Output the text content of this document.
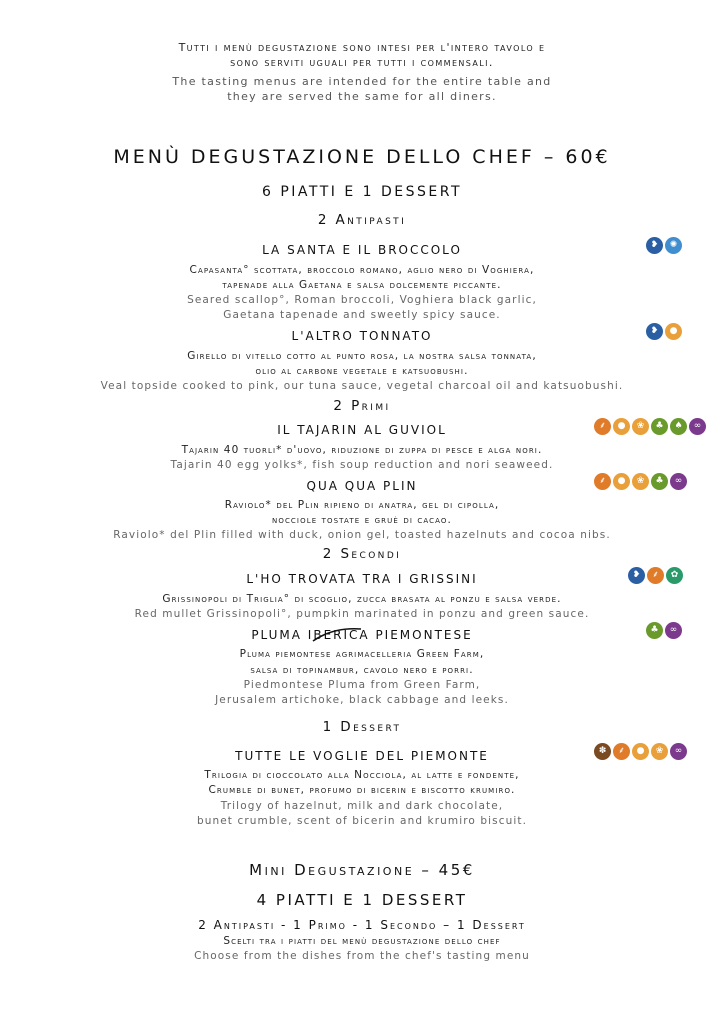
Tutti i menù degustazione sono intesi per l'intero tavolo e
sono serviti uguali per tutti i commensali.
The tasting menus are intended for the entire table and
they are served the same for all diners.
MENÙ DEGUSTAZIONE DELLO CHEF – 60€
6 PIATTI E 1 DESSERT
2 Antipasti
LA SANTA E IL BROCCOLO	❥	✺
Capasanta° scottata, broccolo romano, aglio nero di Voghiera,
tapenade alla Gaetana e salsa dolcemente piccante.
Seared scallop°, Roman broccoli, Voghiera black garlic,
Gaetana tapenade and sweetly spicy sauce.
L'ALTRO TONNATO	❥	●
Girello di vitello cotto al punto rosa, la nostra salsa tonnata,
olio al carbone vegetale e katsuobushi.
Veal topside cooked to pink, our tuna sauce, vegetal charcoal oil and katsuobushi.
2 Primi
IL TAJARIN AL GUVIOL	⸙	●	❀	♣	♠	∞
Tajarin 40 tuorli* d'uovo, riduzione di zuppa di pesce e alga nori.
Tajarin 40 egg yolks*, fish soup reduction and nori seaweed.
QUA QUA PLIN	⸙	●	❀	♣	∞
Raviolo* del Plin ripieno di anatra, gel di cipolla,
nocciole tostate e gruè di cacao.
Raviolo* del Plin filled with duck, onion gel, toasted hazelnuts and cocoa nibs.
2 Secondi
L'HO TROVATA TRA I GRISSINI	❥	⸙	✿
Grissinopoli di Triglia° di scoglio, zucca brasata al ponzu e salsa verde.
Red mullet Grissinopoli°, pumpkin marinated in ponzu and green sauce.
PLUMA IBERICA
PIEMONTESE	♣	∞
Pluma piemontese agrimacelleria Green Farm,
salsa di topinambur, cavolo nero e porri.
Piedmontese Pluma from Green Farm,
Jerusalem artichoke, black cabbage and leeks.
1 Dessert
TUTTE LE VOGLIE DEL PIEMONTE	✽	⸙	●	❀	∞
Trilogia di cioccolato alla Nocciola, al latte e fondente,
Crumble di bunet, profumo di bicerin e biscotto krumiro.
Trilogy of hazelnut, milk and dark chocolate,
bunet crumble, scent of bicerin and krumiro biscuit.
Mini Degustazione – 45€
4 PIATTI E 1 DESSERT
2 Antipasti - 1 Primo - 1 Secondo – 1 Dessert
Scelti tra i piatti del menù degustazione dello chef
Choose from the dishes from the chef's tasting menu
